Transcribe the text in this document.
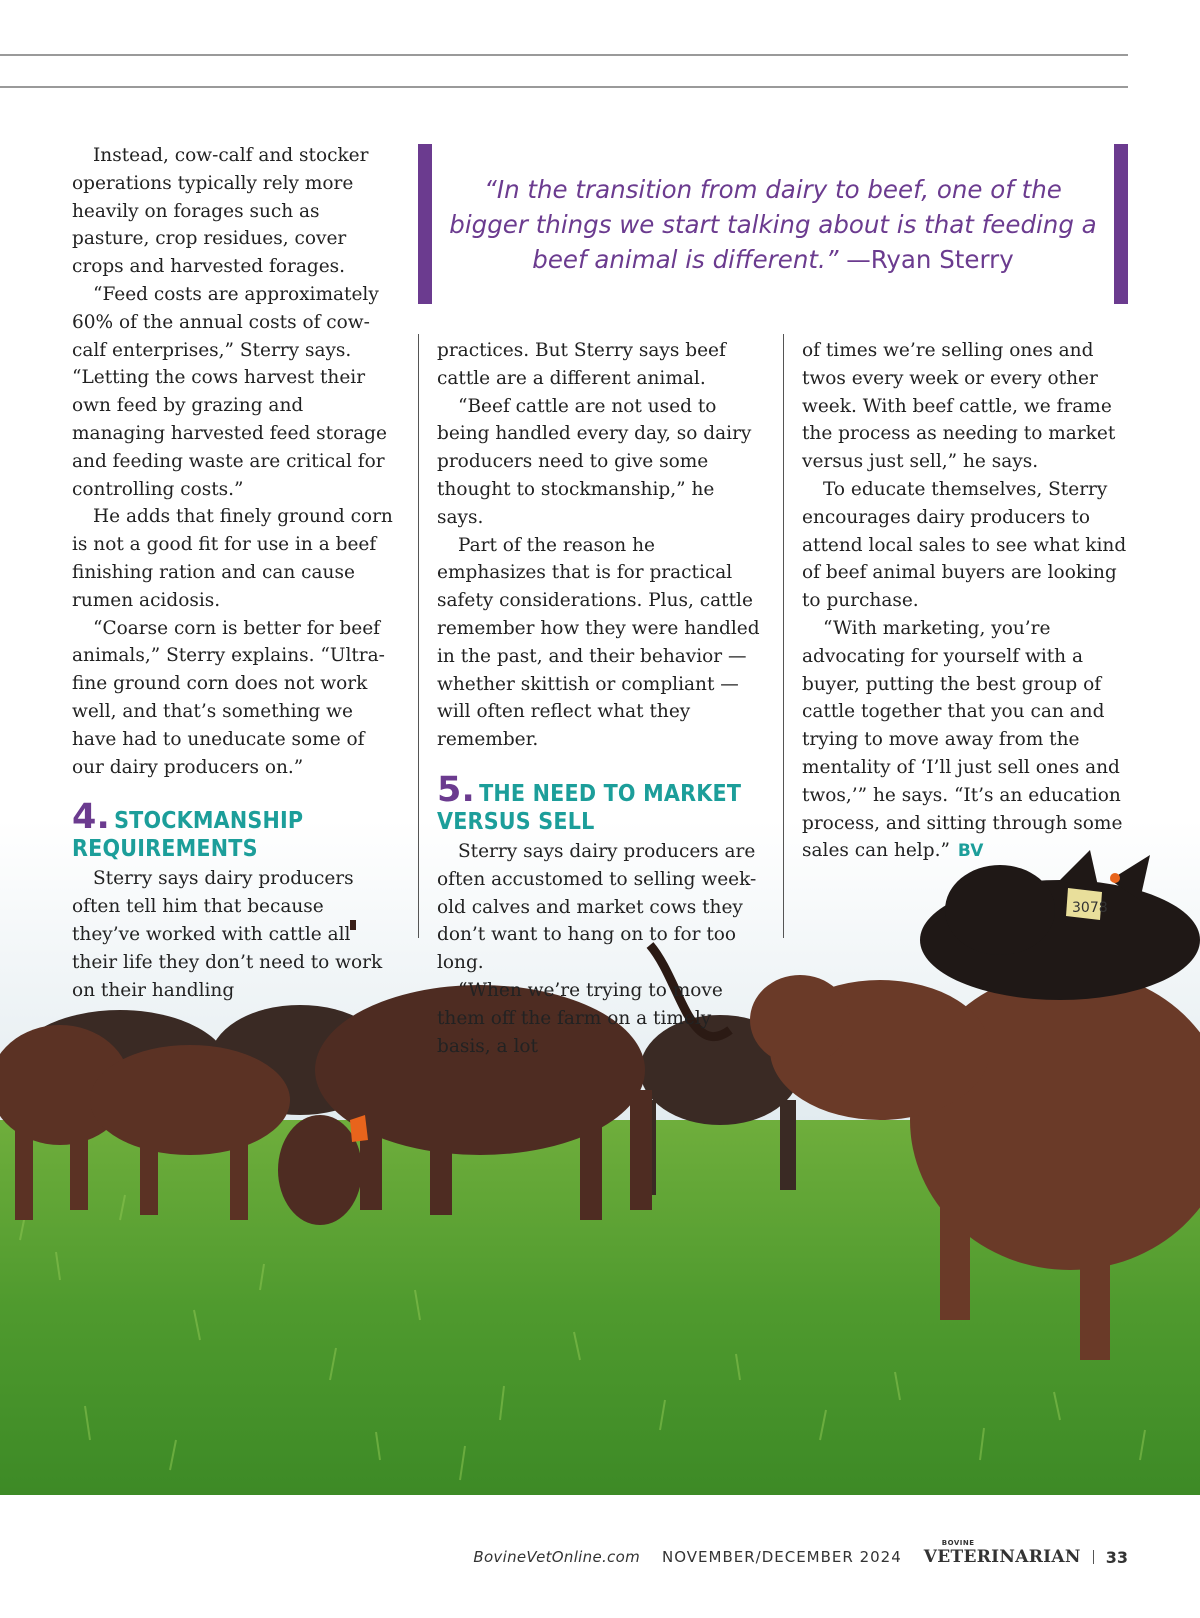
3078
“In the transition from dairy to beef, one of the bigger things we start talking about is that feeding a beef animal is different.” —Ryan Sterry

Instead, cow-calf and stocker operations typically rely more heavily on forages such as pasture, crop residues, cover crops and harvested forages.

“Feed costs are approximately 60% of the annual costs of cow-calf enterprises,” Sterry says. “Letting the cows harvest their own feed by grazing and managing harvested feed storage and feeding waste are critical for controlling costs.”

He adds that finely ground corn is not a good fit for use in a beef finishing ration and can cause rumen acidosis.

“Coarse corn is better for beef animals,” Sterry explains. “Ultra-fine ground corn does not work well, and that’s something we have had to uneducate some of our dairy producers on.”

4. STOCKMANSHIP REQUIREMENTS

Sterry says dairy producers often tell him that because they’ve worked with cattle all their life they don’t need to work on their handling

practices. But Sterry says beef cattle are a different animal.

“Beef cattle are not used to being handled every day, so dairy producers need to give some thought to stockmanship,” he says.

Part of the reason he emphasizes that is for practical safety considerations. Plus, cattle remember how they were handled in the past, and their behavior — whether skittish or compliant — will often reflect what they remember.

5. THE NEED TO MARKET VERSUS SELL

Sterry says dairy producers are often accustomed to selling week-old calves and market cows they don’t want to hang on to for too long.

“When we’re trying to move them off the farm on a timely basis, a lot

of times we’re selling ones and twos every week or every other week. With beef cattle, we frame the process as needing to market versus just sell,” he says.

To educate themselves, Sterry encourages dairy producers to attend local sales to see what kind of beef animal buyers are looking to purchase.

“With marketing, you’re advocating for yourself with a buyer, putting the best group of cattle together that you can and trying to move away from the mentality of ‘I’ll just sell ones and twos,’” he says. “It’s an education process, and sitting through some sales can help.” BV

BovineVetOnline.com NOVEMBER/DECEMBER 2024
BOVINE
VETERINARIAN 33
